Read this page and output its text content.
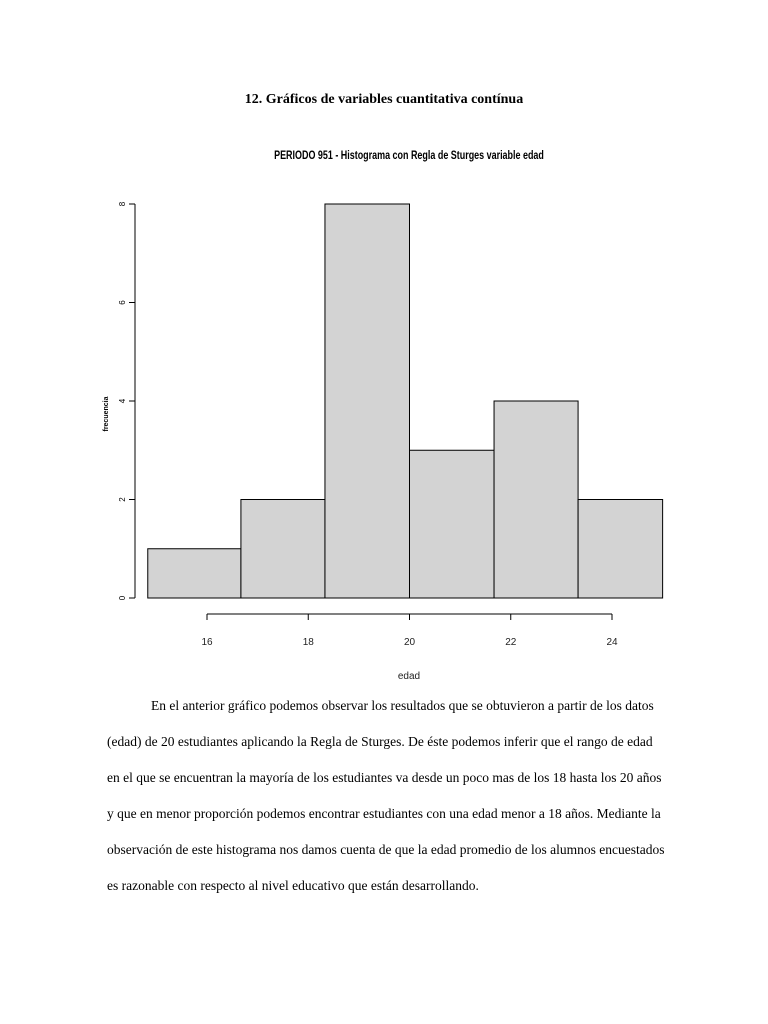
12. Gráficos de variables cuantitativa contínua
PERIODO 951 - Histograma con Regla de Sturges variable edad
0
2
4
6
8
16	18	20	22	24
edad
frecuencia

En el anterior gráfico podemos observar los resultados que se obtuvieron a partir de los datos (edad) de 20 estudiantes aplicando la Regla de Sturges. De éste podemos inferir que el rango de edad en el que se encuentran la mayoría de los estudiantes va desde un poco mas de los 18 hasta los 20 años y que en menor proporción podemos encontrar estudiantes con una edad menor a 18 años. Mediante la observación de este histograma nos damos cuenta de que la edad promedio de los alumnos encuestados es razonable con respecto al nivel educativo que están desarrollando.
